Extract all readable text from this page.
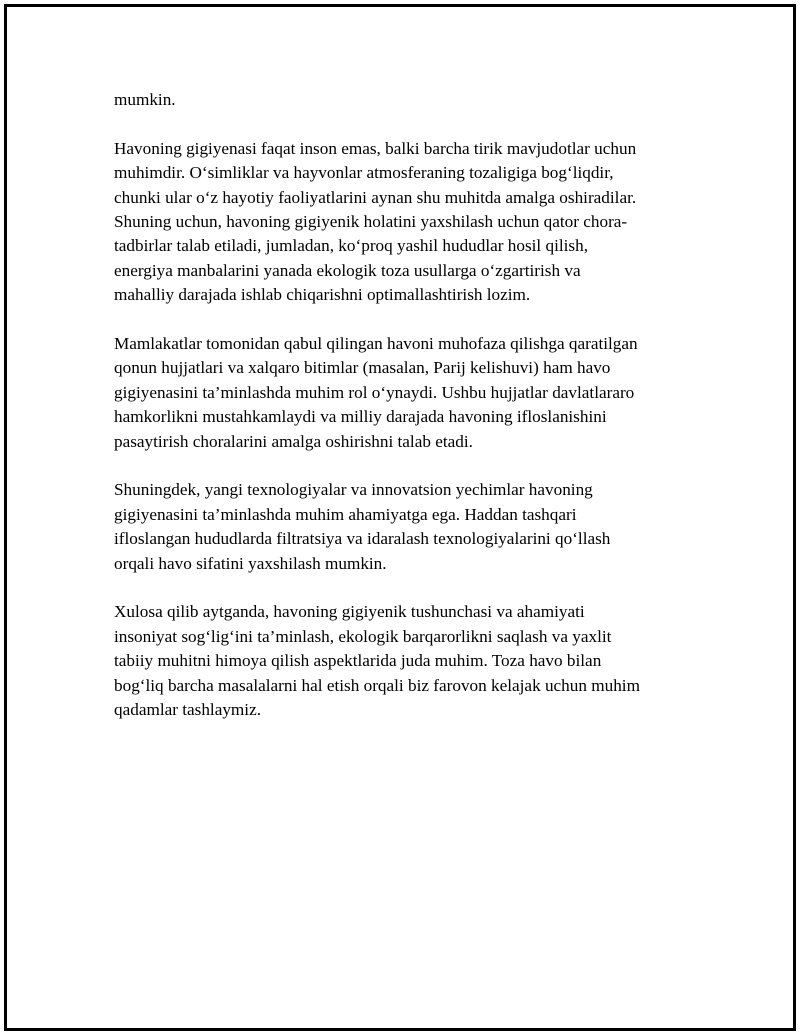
mumkin.

Havoning gigiyenasi faqat inson emas, balki barcha tirik mavjudotlar uchun
muhimdir. O‘simliklar va hayvonlar atmosferaning tozaligiga bog‘liqdir,
chunki ular o‘z hayotiy faoliyatlarini aynan shu muhitda amalga oshiradilar.
Shuning uchun, havoning gigiyenik holatini yaxshilash uchun qator chora-
tadbirlar talab etiladi, jumladan, ko‘proq yashil hududlar hosil qilish,
energiya manbalarini yanada ekologik toza usullarga o‘zgartirish va
mahalliy darajada ishlab chiqarishni optimallashtirish lozim.

Mamlakatlar tomonidan qabul qilingan havoni muhofaza qilishga qaratilgan
qonun hujjatlari va xalqaro bitimlar (masalan, Parij kelishuvi) ham havo
gigiyenasini ta’minlashda muhim rol o‘ynaydi. Ushbu hujjatlar davlatlararo
hamkorlikni mustahkamlaydi va milliy darajada havoning ifloslanishini
pasaytirish choralarini amalga oshirishni talab etadi.

Shuningdek, yangi texnologiyalar va innovatsion yechimlar havoning
gigiyenasini ta’minlashda muhim ahamiyatga ega. Haddan tashqari
ifloslangan hududlarda filtratsiya va idaralash texnologiyalarini qo‘llash
orqali havo sifatini yaxshilash mumkin.

Xulosa qilib aytganda, havoning gigiyenik tushunchasi va ahamiyati
insoniyat sog‘lig‘ini ta’minlash, ekologik barqarorlikni saqlash va yaxlit
tabiiy muhitni himoya qilish aspektlarida juda muhim. Toza havo bilan
bog‘liq barcha masalalarni hal etish orqali biz farovon kelajak uchun muhim
qadamlar tashlaymiz.
